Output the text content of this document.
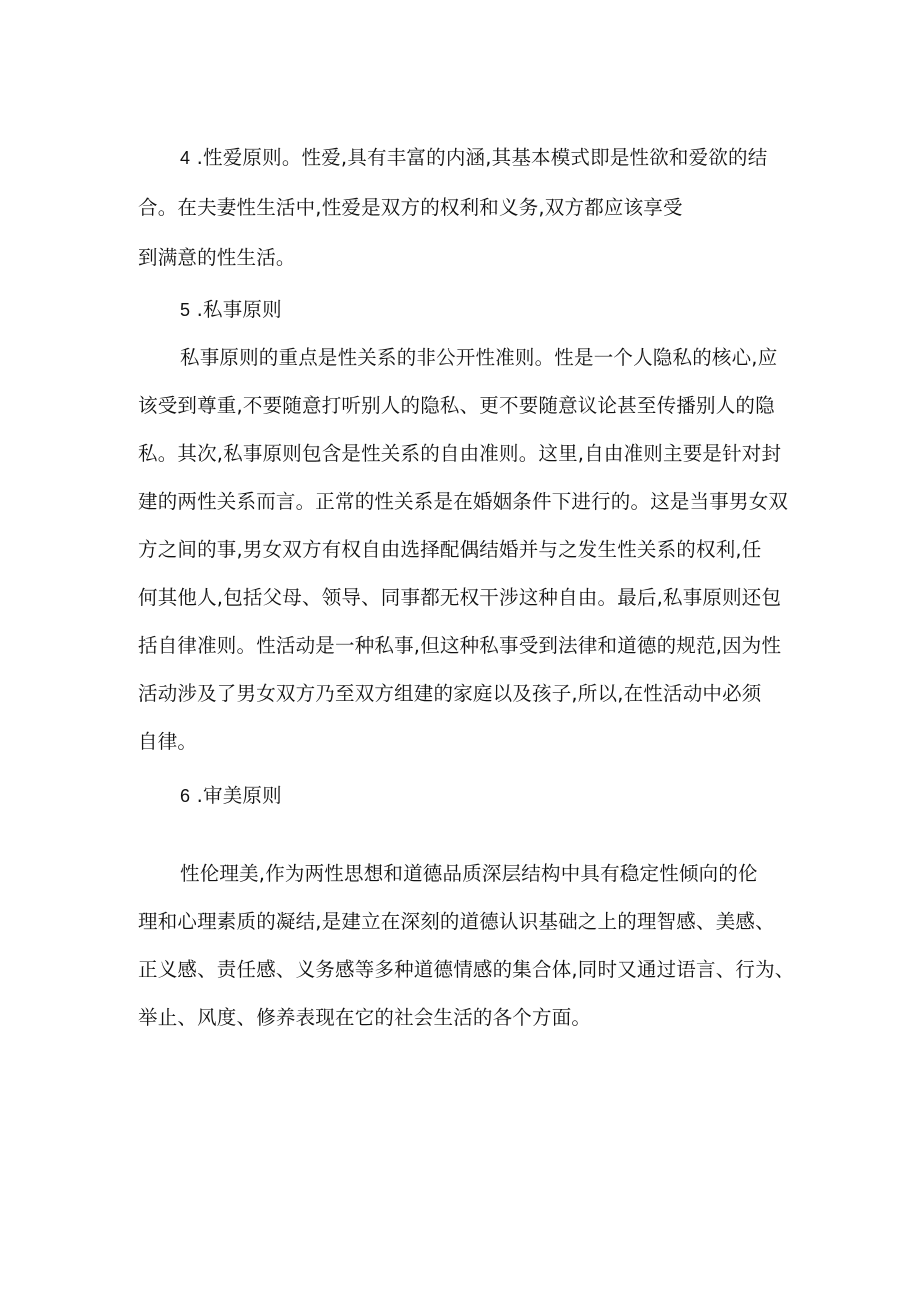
4 .性爱原则。性爱,具有丰富的内涵,其基本模式即是性欲和爱欲的结
合。在夫妻性生活中,性爱是双方的权利和义务,双方都应该享受
到满意的性生活。
5 .私事原则
私事原则的重点是性关系的非公开性准则。性是一个人隐私的核心,应
该受到尊重,不要随意打听别人的隐私、更不要随意议论甚至传播别人的隐
私。其次,私事原则包含是性关系的自由准则。这里,自由准则主要是针对封
建的两性关系而言。正常的性关系是在婚姻条件下进行的。这是当事男女双
方之间的事,男女双方有权自由选择配偶结婚并与之发生性关系的权利,任
何其他人,包括父母、领导、同事都无权干涉这种自由。最后,私事原则还包
括自律准则。性活动是一种私事,但这种私事受到法律和道德的规范,因为性
活动涉及了男女双方乃至双方组建的家庭以及孩子,所以,在性活动中必须
自律。
6 .审美原则
性伦理美,作为两性思想和道德品质深层结构中具有稳定性倾向的伦
理和心理素质的凝结,是建立在深刻的道德认识基础之上的理智感、美感、
正义感、责任感、义务感等多种道德情感的集合体,同时又通过语言、行为、
举止、风度、修养表现在它的社会生活的各个方面。
